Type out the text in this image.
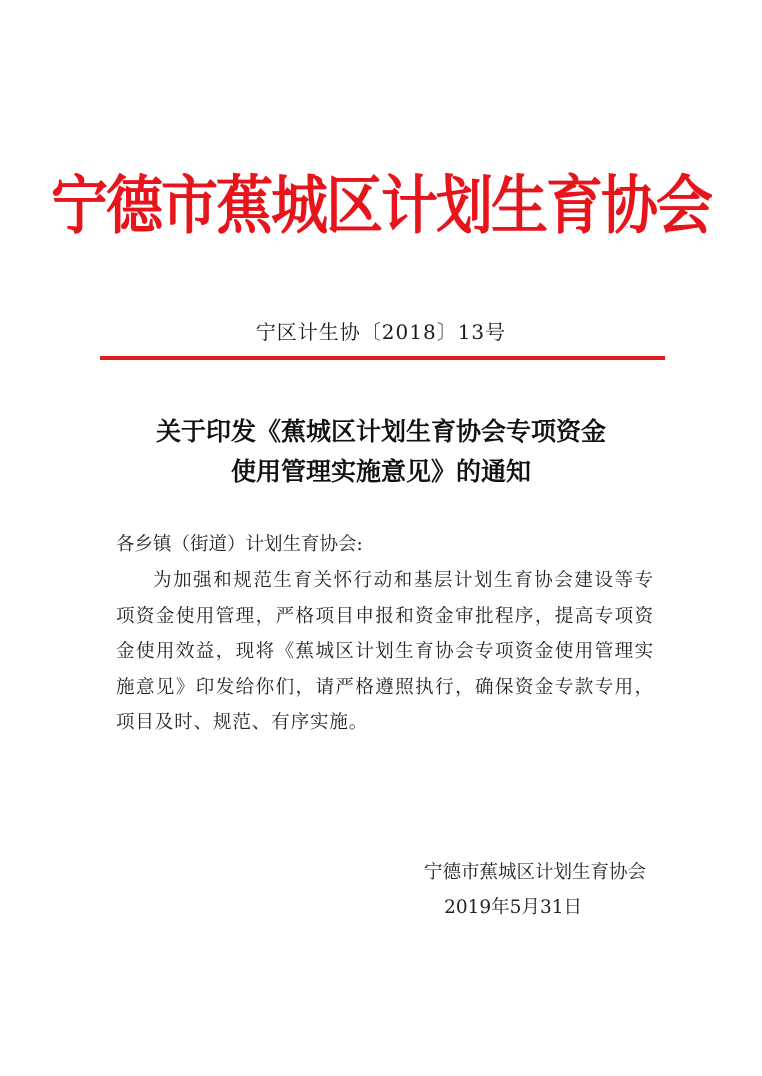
宁德市蕉城区计划生育协会
宁区计生协〔2018〕13号
关于印发《蕉城区计划生育协会专项资金
使用管理实施意见》的通知
各乡镇（街道）计划生育协会:
为加强和规范生育关怀行动和基层计划生育协会建设等专项资金使用管理，严格项目申报和资金审批程序，提高专项资金使用效益，现将《蕉城区计划生育协会专项资金使用管理实施意见》印发给你们，请严格遵照执行，确保资金专款专用，项目及时、规范、有序实施。
宁德市蕉城区计划生育协会
2019年5月31日
